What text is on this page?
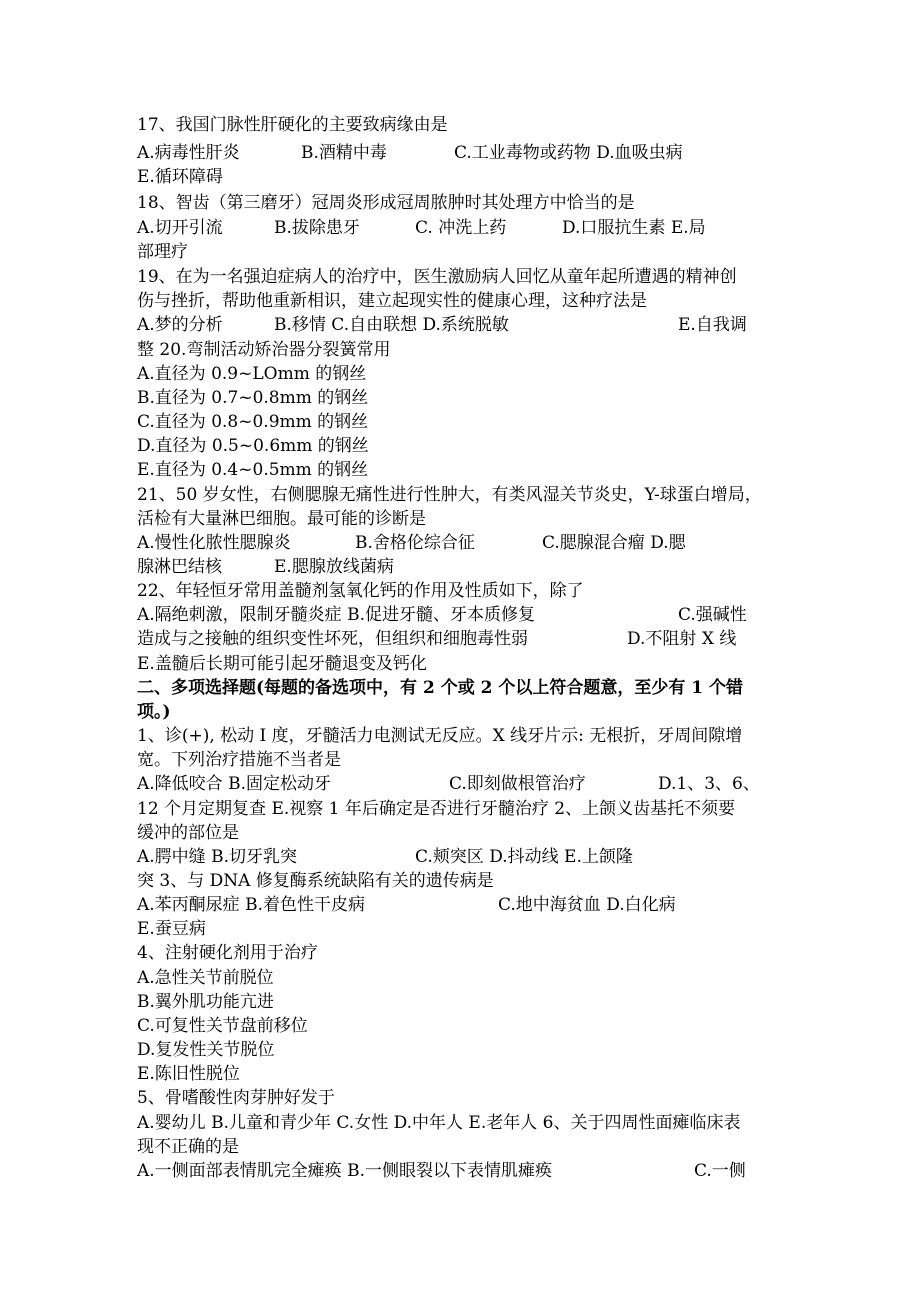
17、我国门脉性肝硬化的主要致病缘由是
A.病毒性肝炎	B.酒精中毒	C.工业毒物或药物 D.血吸虫病
E.循环障碍
18、智齿（第三磨牙）冠周炎形成冠周脓肿时其处理方中恰当的是
A.切开引流	B.拔除患牙	C. 冲洗上药	D.口服抗生素 E.局
部理疗
19、在为一名强迫症病人的治疗中，医生激励病人回忆从童年起所遭遇的精神创
伤与挫折，帮助他重新相识，建立起现实性的健康心理，这种疗法是
A.梦的分析	B.移情 C.自由联想 D.系统脱敏	E.自我调
整 20.弯制活动矫治器分裂簧常用
A.直径为 0.9~LOmm 的钢丝
B.直径为 0.7~0.8mm 的钢丝
C.直径为 0.8~0.9mm 的钢丝
D.直径为 0.5~0.6mm 的钢丝
E.直径为 0.4~0.5mm 的钢丝
21、50 岁女性，右侧腮腺无痛性进行性肿大，有类风湿关节炎史，Y-球蛋白增局，
活检有大量淋巴细胞。最可能的诊断是
A.慢性化脓性腮腺炎	B.舍格伦综合征	C.腮腺混合瘤 D.腮
腺淋巴结核	E.腮腺放线菌病
22、年轻恒牙常用盖髓剂氢氧化钙的作用及性质如下，除了
A.隔绝刺激，限制牙髓炎症 B.促进牙髓、牙本质修复	C.强碱性
造成与之接触的组织变性坏死，但组织和细胞毒性弱	D.不阻射 X 线
E.盖髓后长期可能引起牙髓退变及钙化
二、多项选择题(每题的备选项中，有 2 个或 2 个以上符合题意，至少有 1 个错
项。)
1、诊(+), 松动 I 度，牙髓活力电测试无反应。X 线牙片示: 无根折，牙周间隙增
宽。下列治疗措施不当者是
A.降低咬合 B.固定松动牙	C.即刻做根管治疗	D.1、3、6、
12 个月定期复查 E.视察 1 年后确定是否进行牙髓治疗 2、上颌义齿基托不须要
缓冲的部位是
A.腭中缝 B.切牙乳突	C.颊突区 D.抖动线 E.上颌隆
突 3、与 DNA 修复酶系统缺陷有关的遗传病是
A.苯丙酮尿症 B.着色性干皮病	C.地中海贫血 D.白化病
E.蚕豆病
4、注射硬化剂用于治疗
A.急性关节前脱位
B.翼外肌功能亢进
C.可复性关节盘前移位
D.复发性关节脱位
E.陈旧性脱位
5、骨嗜酸性肉芽肿好发于
A.婴幼儿 B.儿童和青少年 C.女性 D.中年人 E.老年人 6、关于四周性面瘫临床表
现不正确的是
A.一侧面部表情肌完全瘫痪 B.一侧眼裂以下表情肌瘫痪	C.一侧
